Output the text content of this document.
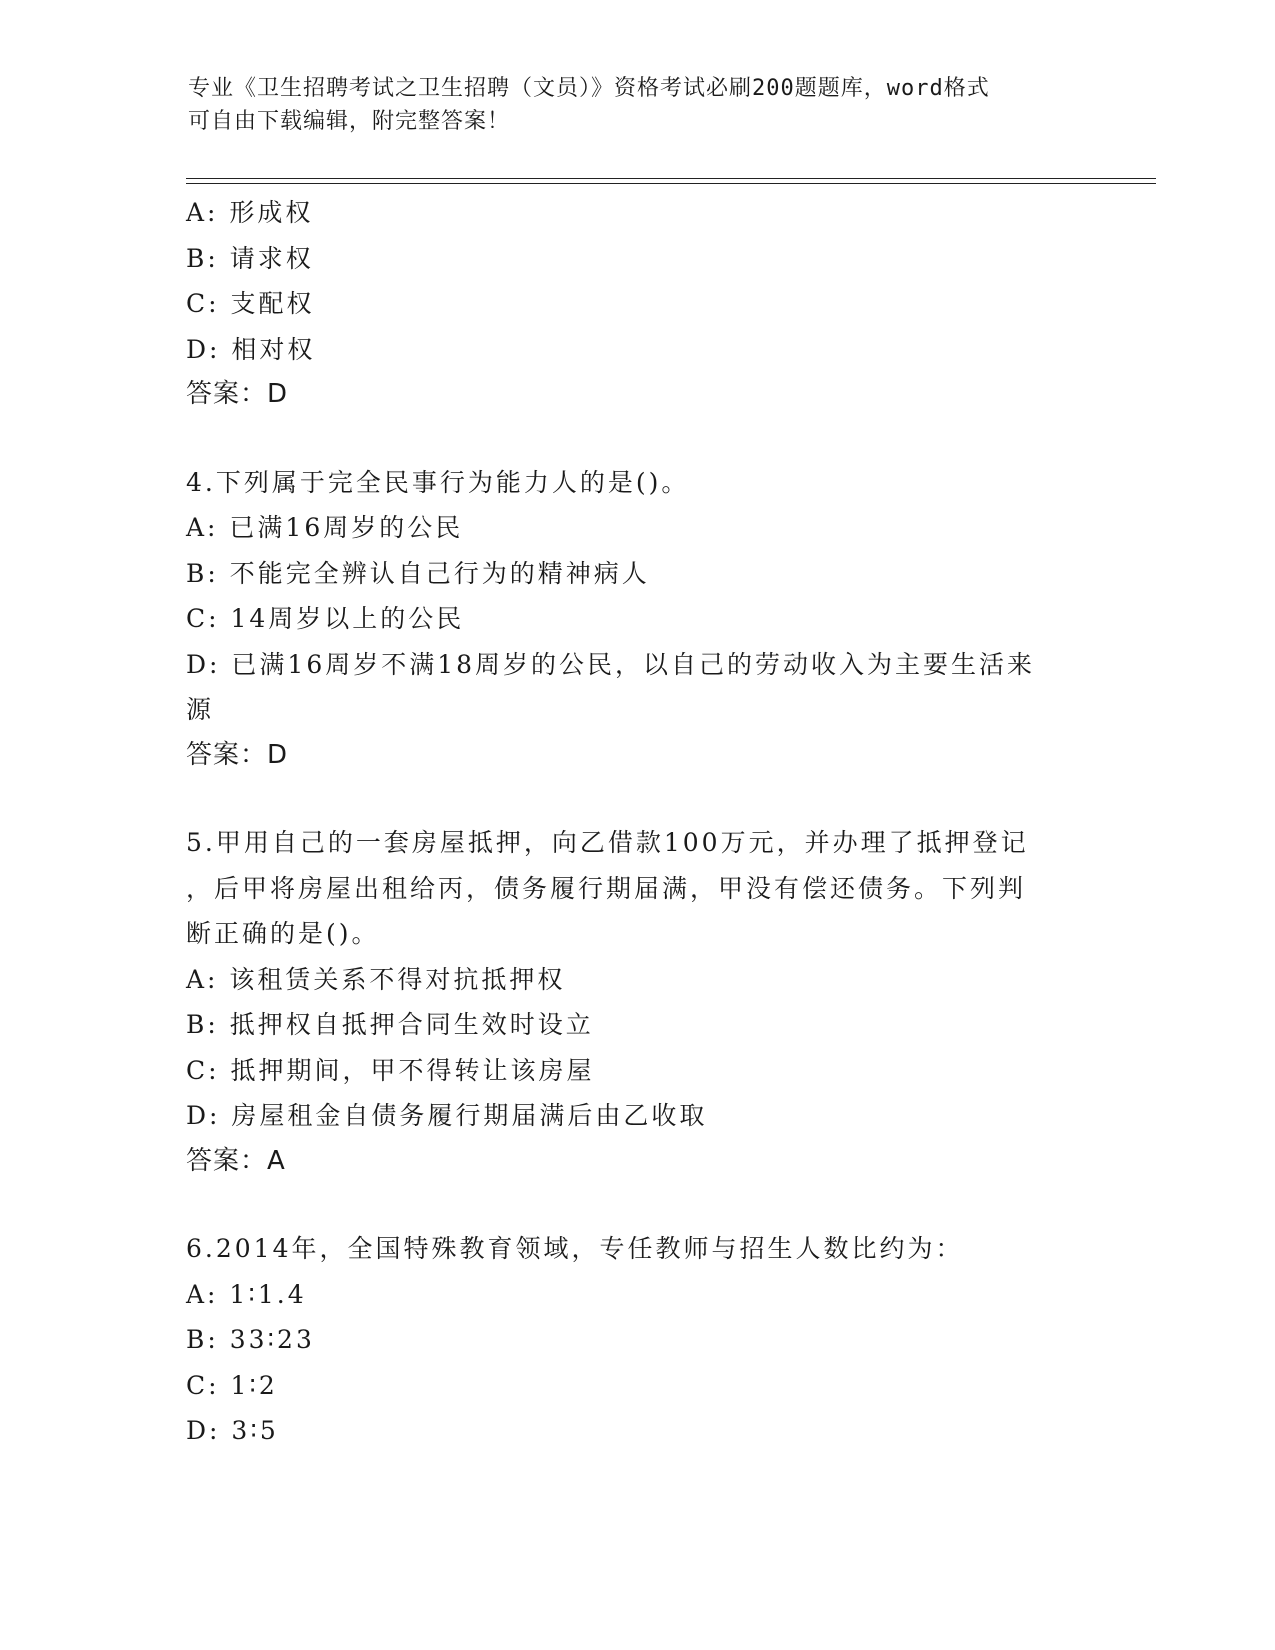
专业《卫生招聘考试之卫生招聘（文员）》资格考试必刷200题题库，word格式
可自由下载编辑，附完整答案！
A: 形成权
B: 请求权
C: 支配权
D: 相对权
答案：D
4.下列属于完全民事行为能力人的是()。
A: 已满16周岁的公民
B: 不能完全辨认自己行为的精神病人
C: 14周岁以上的公民
D: 已满16周岁不满18周岁的公民，以自己的劳动收入为主要生活来
源
答案：D
5.甲用自己的一套房屋抵押，向乙借款100万元，并办理了抵押登记
，后甲将房屋出租给丙，债务履行期届满，甲没有偿还债务。下列判
断正确的是()。
A: 该租赁关系不得对抗抵押权
B: 抵押权自抵押合同生效时设立
C: 抵押期间，甲不得转让该房屋
D: 房屋租金自债务履行期届满后由乙收取
答案：A
6.2014年，全国特殊教育领域，专任教师与招生人数比约为：
A: 1∶1.4
B: 33∶23
C: 1∶2
D: 3∶5
